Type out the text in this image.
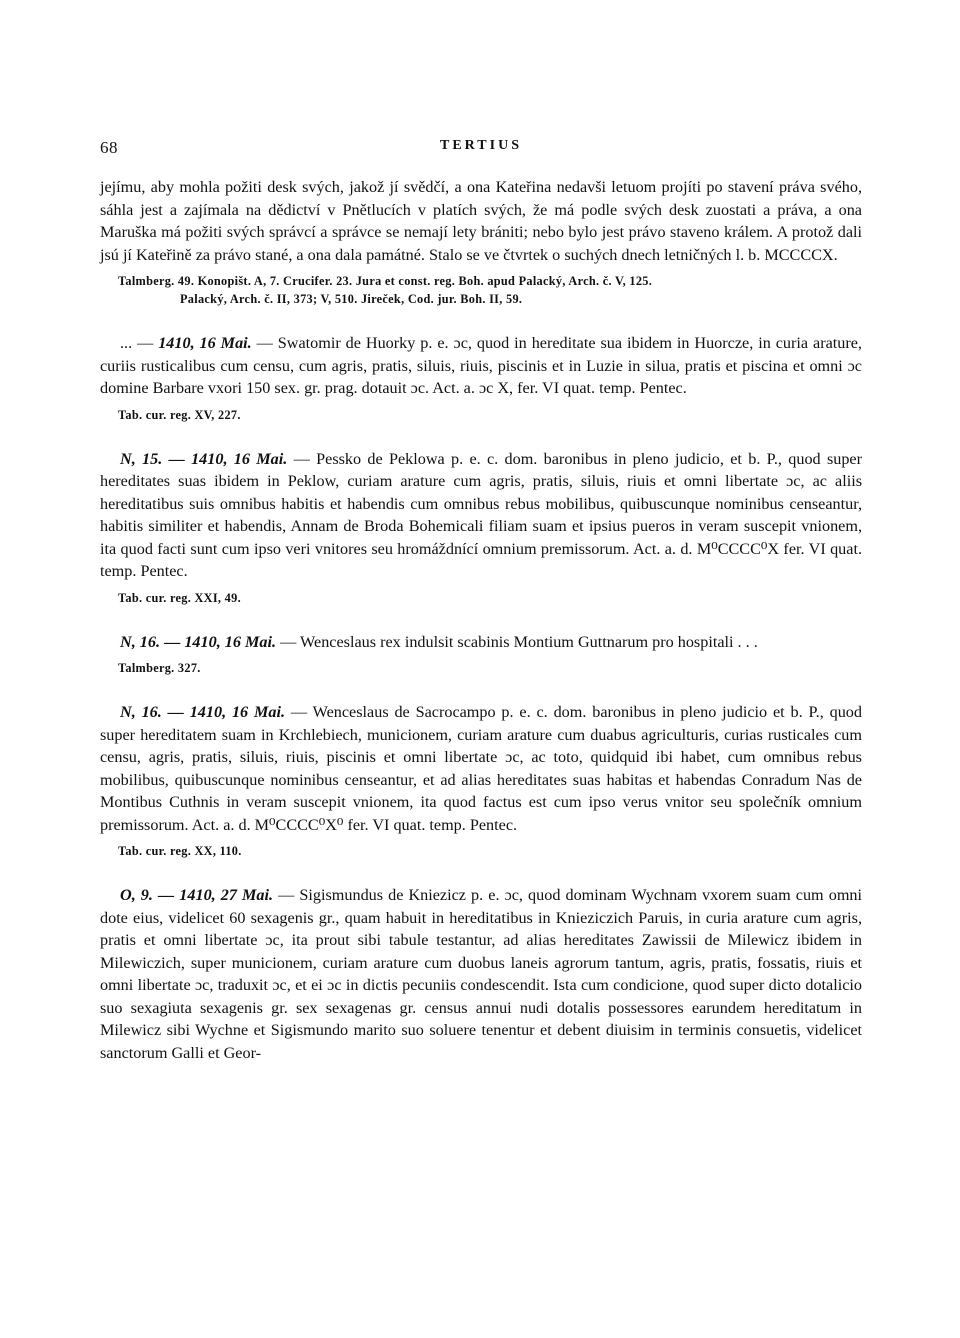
68	TERTIUS

jejímu, aby mohla požiti desk svých, jakož jí svědčí, a ona Kateřina nedavši letuom projíti po stavení práva svého, sáhla jest a zajímala na dědictví v Pnětlucích v platích svých, že má podle svých desk zuostati a práva, a ona Maruška má požiti svých správcí a správce se nemají lety brániti; nebo bylo jest právo staveno králem. A protož dali jsú jí Kateřině za právo stané, a ona dala památné. Stalo se ve čtvrtek o suchých dnech letničných l. b. MCCCCX.

Talmberg. 49. Konopišt. A, 7. Crucifer. 23. Jura et const. reg. Boh. apud Palacký, Arch. č. V, 125.
Palacký, Arch. č. II, 373; V, 510. Jireček, Cod. jur. Boh. II, 59.

... — 1410, 16 Mai. — Swatomir de Huorky p. e. ɔc, quod in hereditate sua ibidem in Huorcze, in curia arature, curiis rusticalibus cum censu, cum agris, pratis, siluis, riuis, piscinis et in Luzie in silua, pratis et piscina et omni ɔc domine Barbare vxori 150 sex. gr. prag. dotauit ɔc. Act. a. ɔc X, fer. VI quat. temp. Pentec.

Tab. cur. reg. XV, 227.

N, 15. — 1410, 16 Mai. — Pessko de Peklowa p. e. c. dom. baronibus in pleno judicio, et b. P., quod super hereditates suas ibidem in Peklow, curiam arature cum agris, pratis, siluis, riuis et omni libertate ɔc, ac aliis hereditatibus suis omnibus habitis et habendis cum omnibus rebus mobilibus, quibuscunque nominibus censeantur, habitis similiter et habendis, Annam de Broda Bohemicali filiam suam et ipsius pueros in veram suscepit vnionem, ita quod facti sunt cum ipso veri vnitores seu hromáždnící omnium premissorum. Act. a. d. M⁰CCCC⁰X fer. VI quat. temp. Pentec.

Tab. cur. reg. XXI, 49.

N, 16. — 1410, 16 Mai. — Wenceslaus rex indulsit scabinis Montium Guttnarum pro hospitali . . .

Talmberg. 327.

N, 16. — 1410, 16 Mai. — Wenceslaus de Sacrocampo p. e. c. dom. baronibus in pleno judicio et b. P., quod super hereditatem suam in Krchlebiech, municionem, curiam arature cum duabus agriculturis, curias rusticales cum censu, agris, pratis, siluis, riuis, piscinis et omni libertate ɔc, ac toto, quidquid ibi habet, cum omnibus rebus mobilibus, quibuscunque nominibus censeantur, et ad alias hereditates suas habitas et habendas Conradum Nas de Montibus Cuthnis in veram suscepit vnionem, ita quod factus est cum ipso verus vnitor seu společník omnium premissorum. Act. a. d. M⁰CCCC⁰X⁰ fer. VI quat. temp. Pentec.

Tab. cur. reg. XX, 110.

O, 9. — 1410, 27 Mai. — Sigismundus de Kniezicz p. e. ɔc, quod dominam Wychnam vxorem suam cum omni dote eius, videlicet 60 sexagenis gr., quam habuit in hereditatibus in Knieziczich Paruis, in curia arature cum agris, pratis et omni libertate ɔc, ita prout sibi tabule testantur, ad alias hereditates Zawissii de Milewicz ibidem in Milewiczich, super municionem, curiam arature cum duobus laneis agrorum tantum, agris, pratis, fossatis, riuis et omni libertate ɔc, traduxit ɔc, et ei ɔc in dictis pecuniis condescendit. Ista cum condicione, quod super dicto dotalicio suo sexagiuta sexagenis gr. sex sexagenas gr. census annui nudi dotalis possessores earundem hereditatum in Milewicz sibi Wychne et Sigismundo marito suo soluere tenentur et debent diuisim in terminis consuetis, videlicet sanctorum Galli et Geor-
